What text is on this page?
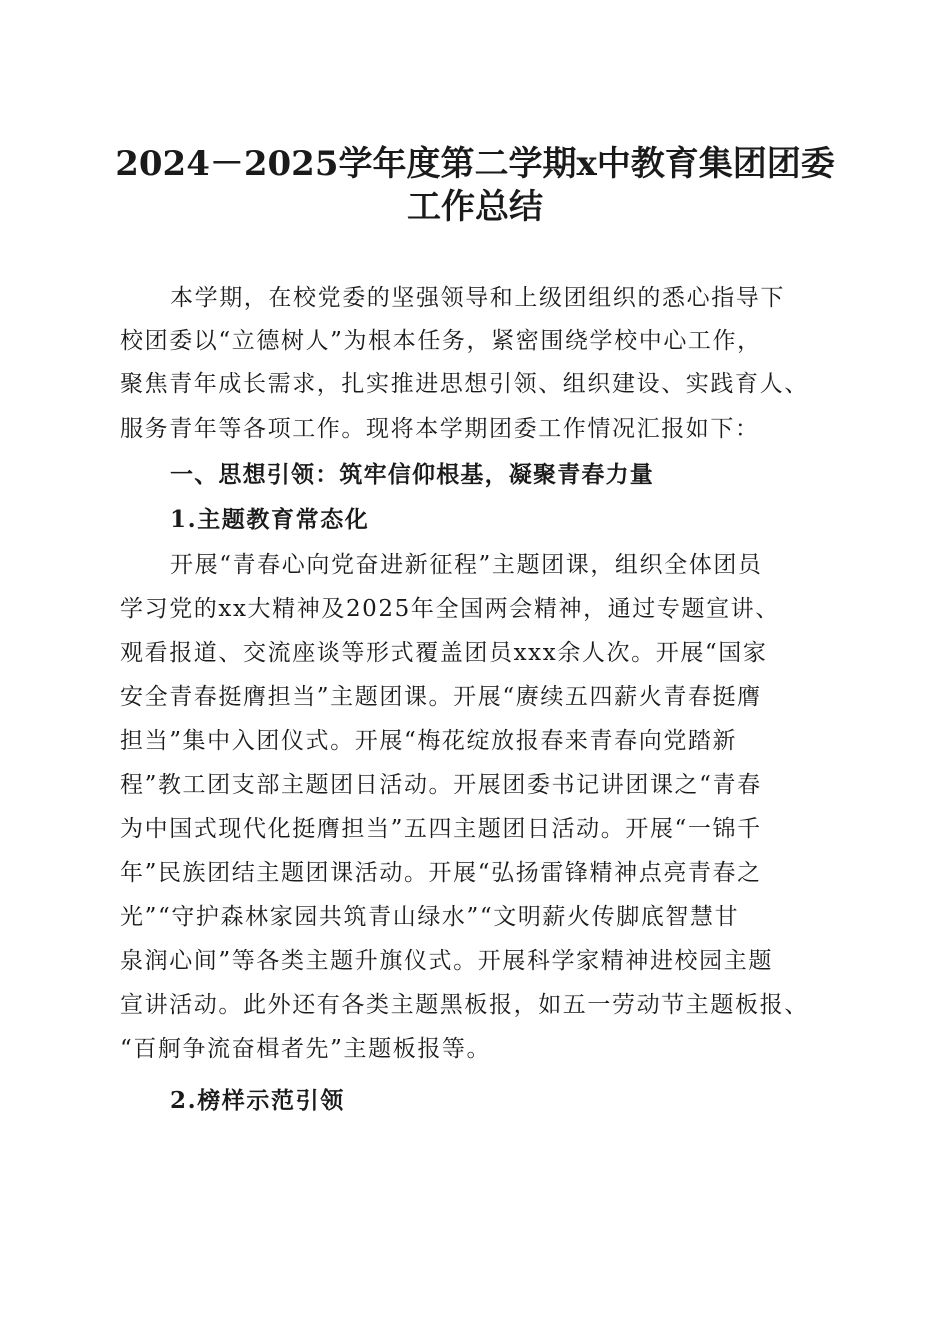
2024－2025学年度第二学期x中教育集团团委
工作总结

本学期，在校党委的坚强领导和上级团组织的悉心指导下

校团委以“立德树人”为根本任务，紧密围绕学校中心工作，

聚焦青年成长需求，扎实推进思想引领、组织建设、实践育人、

服务青年等各项工作。现将本学期团委工作情况汇报如下：

一、思想引领：筑牢信仰根基，凝聚青春力量
1.主题教育常态化

开展“青春心向党奋进新征程”主题团课，组织全体团员

学习党的xx大精神及2025年全国两会精神，通过专题宣讲、

观看报道、交流座谈等形式覆盖团员xxx余人次。开展“国家

安全青春挺膺担当”主题团课。开展“赓续五四薪火青春挺膺

担当”集中入团仪式。开展“梅花绽放报春来青春向党踏新

程”教工团支部主题团日活动。开展团委书记讲团课之“青春

为中国式现代化挺膺担当”五四主题团日活动。开展“一锦千

年”民族团结主题团课活动。开展“弘扬雷锋精神点亮青春之

光”“守护森林家园共筑青山绿水”“文明薪火传脚底智慧甘

泉润心间”等各类主题升旗仪式。开展科学家精神进校园主题

宣讲活动。此外还有各类主题黑板报，如五一劳动节主题板报、

“百舸争流奋楫者先”主题板报等。

2.榜样示范引领
